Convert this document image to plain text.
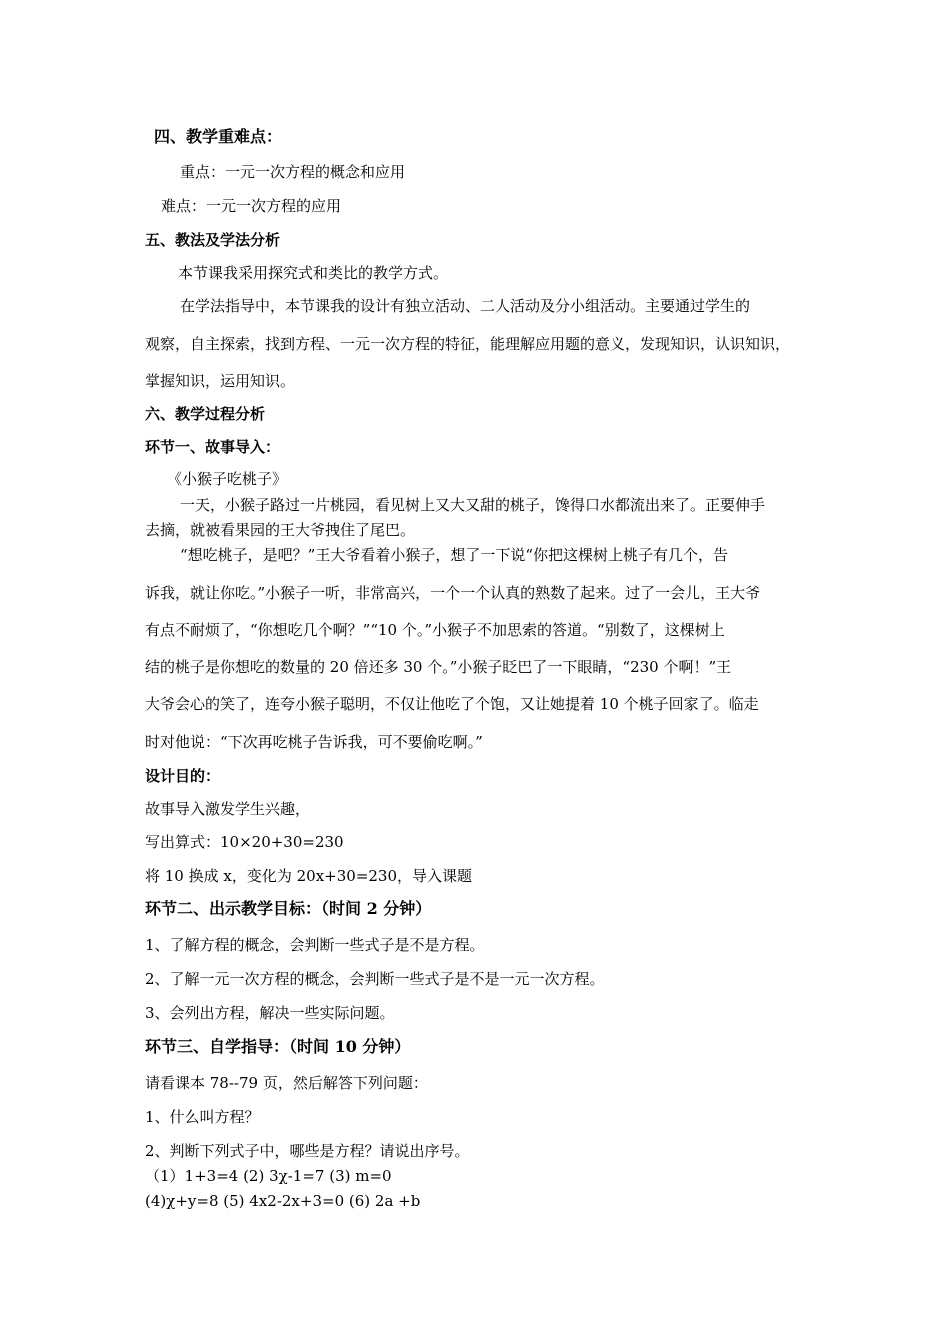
四、教学重难点：
重点：一元一次方程的概念和应用
难点：一元一次方程的应用
五、教法及学法分析
本节课我采用探究式和类比的教学方式。
在学法指导中，本节课我的设计有独立活动、二人活动及分小组活动。主要通过学生的
观察，自主探索，找到方程、一元一次方程的特征，能理解应用题的意义，发现知识，认识知识，
掌握知识，运用知识。
六、教学过程分析
环节一、故事导入：
《小猴子吃桃子》
一天，小猴子路过一片桃园，看见树上又大又甜的桃子，馋得口水都流出来了。正要伸手
去摘，就被看果园的王大爷拽住了尾巴。
“想吃桃子，是吧？”王大爷看着小猴子，想了一下说“你把这棵树上桃子有几个，告
诉我，就让你吃。”小猴子一听，非常高兴，一个一个认真的熟数了起来。过了一会儿，王大爷
有点不耐烦了，“你想吃几个啊？”“10 个。”小猴子不加思索的答道。“别数了，这棵树上
结的桃子是你想吃的数量的 20 倍还多 30 个。”小猴子眨巴了一下眼睛，“230 个啊！”王
大爷会心的笑了，连夸小猴子聪明，不仅让他吃了个饱，又让她提着 10 个桃子回家了。临走
时对他说：“下次再吃桃子告诉我，可不要偷吃啊。”
设计目的：
故事导入激发学生兴趣，
写出算式：10×20+30=230
将 10 换成 x，变化为 20x+30=230，导入课题
环节二、出示教学目标：（时间 2 分钟）
1、了解方程的概念，会判断一些式子是不是方程。
2、了解一元一次方程的概念，会判断一些式子是不是一元一次方程。
3、会列出方程，解决一些实际问题。
环节三、自学指导：（时间 10 分钟）
请看课本 78--79 页，然后解答下列问题：
1、什么叫方程？
2、判断下列式子中，哪些是方程？请说出序号。
（1）1+3=4 (2) 3χ-1=7 (3) m=0
(4)χ+y=8 (5) 4x2-2x+3=0 (6) 2a +b
